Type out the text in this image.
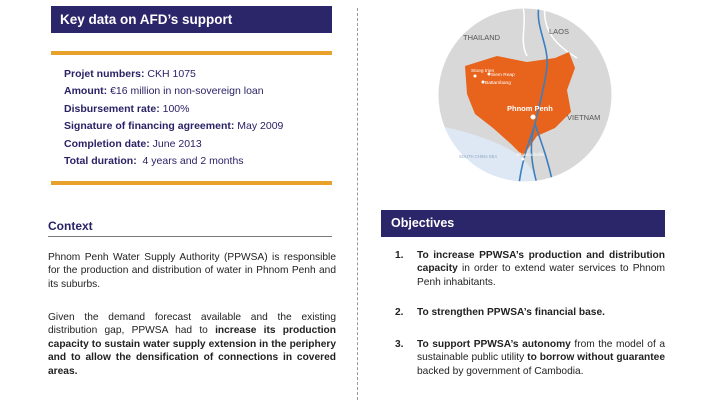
Key data on AFD’s support
Projet numbers: CKH 1075
Amount: €16 million in non-sovereign loan
Disbursement rate: 100%
Signature of financing agreement: May 2009
Completion date: June 2013
Total duration:  4 years and 2 months
Context

Phnom Penh Water Supply Authority (PPWSA) is responsible for the production and distribution of water in Phnom Penh and its suburbs.

Given the demand forecast available and the existing distribution gap, PPWSA had to increase its production capacity to sustain water supply extension in the periphery and to allow the densification of connections in covered areas.

THAILAND
LAOS
VIETNAM
Stoeg trien
Siem Reap
Battambang
Phnom Penh
Sihanoukville
SOUTH CHINA SEA
Objectives
1. To increase PPWSA’s production and distribution capacity in order to extend water services to Phnom Penh inhabitants.
2. To strengthen PPWSA’s financial base.
3. To support PPWSA’s autonomy from the model of a sustainable public utility to borrow without guarantee backed by government of Cambodia.
